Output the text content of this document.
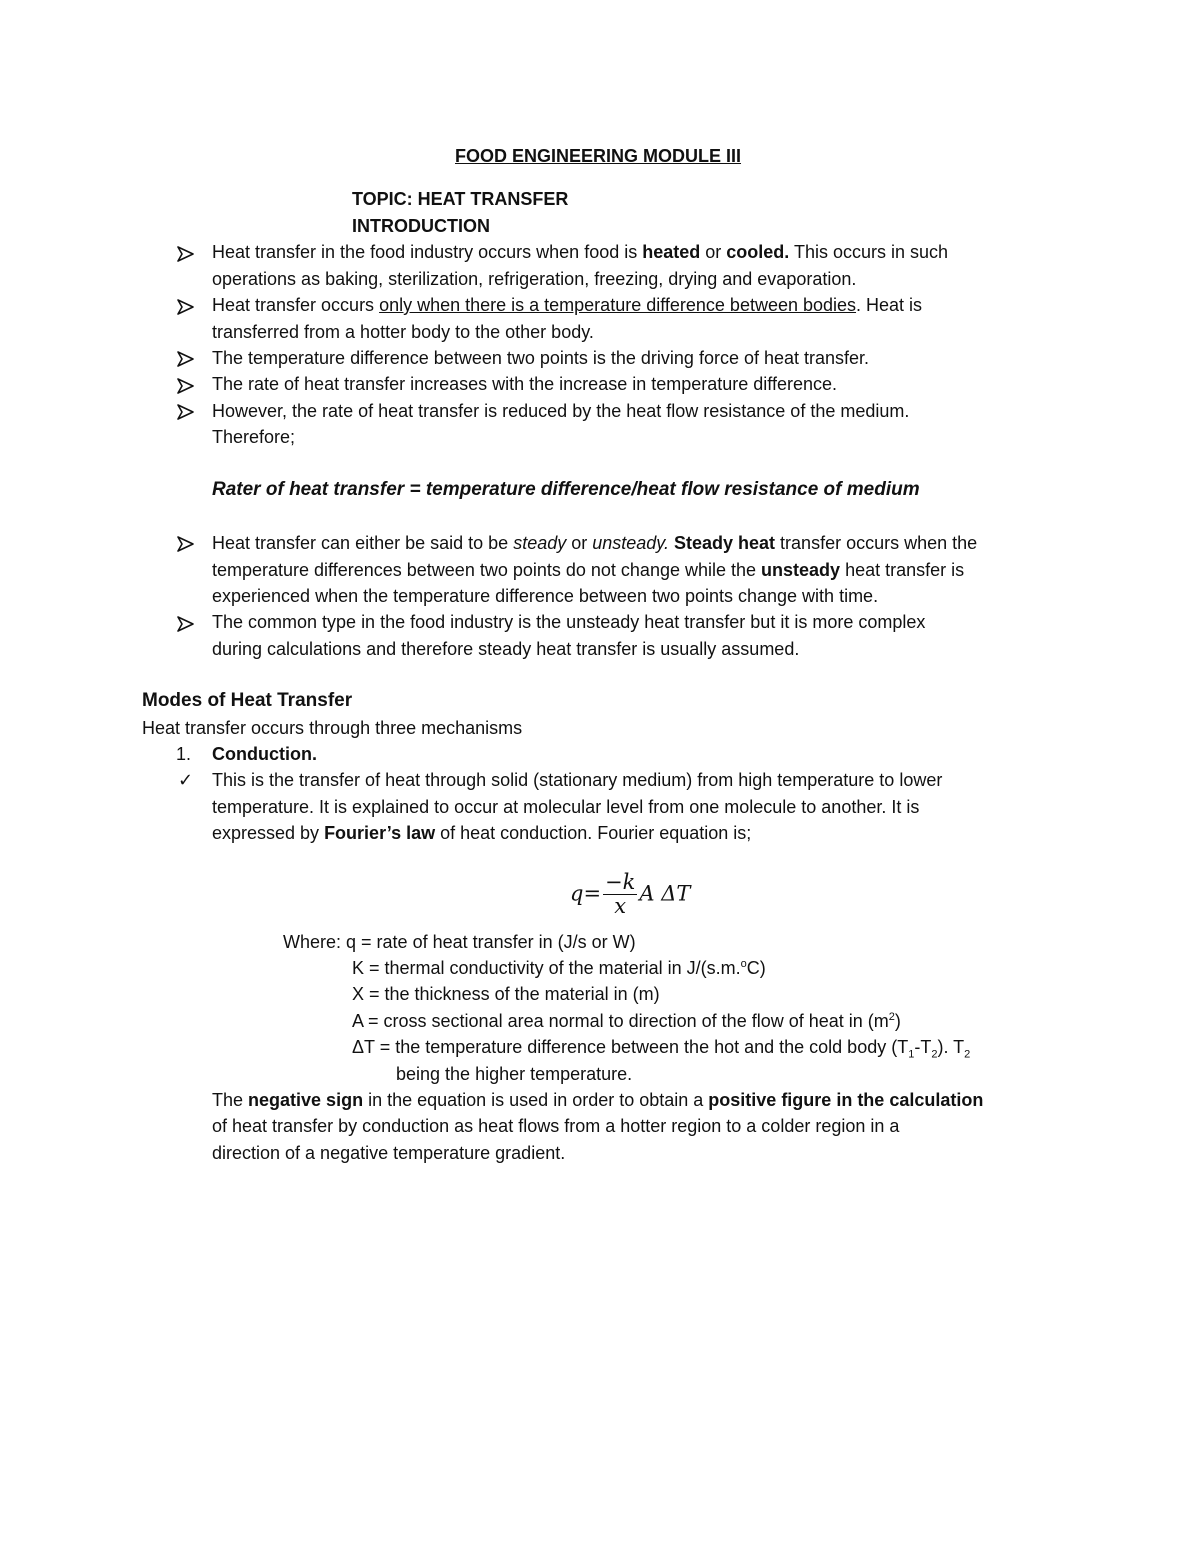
FOOD ENGINEERING MODULE III
TOPIC: HEAT TRANSFER
INTRODUCTION
Heat transfer in the food industry occurs when food is heated or cooled. This occurs in such
operations as baking, sterilization, refrigeration, freezing, drying and evaporation.
Heat transfer occurs only when there is a temperature difference between bodies. Heat is
transferred from a hotter body to the other body.
The temperature difference between two points is the driving force of heat transfer.
The rate of heat transfer increases with the increase in temperature difference.
However, the rate of heat transfer is reduced by the heat flow resistance of the medium.
Therefore;
Rater of heat transfer = temperature difference/heat flow resistance of medium
Heat transfer can either be said to be steady or unsteady. Steady heat transfer occurs when the
temperature differences between two points do not change while the unsteady heat transfer is
experienced when the temperature difference between two points change with time.
The common type in the food industry is the unsteady heat transfer but it is more complex
during calculations and therefore steady heat transfer is usually assumed.
Modes of Heat Transfer
Heat transfer occurs through three mechanisms
1. Conduction.
✓ This is the transfer of heat through solid (stationary medium) from high temperature to lower
temperature. It is explained to occur at molecular level from one molecule to another. It is
expressed by Fourier’s law of heat conduction. Fourier equation is;
$q= \frac{-k}{x}$ A ΔT
Where: q = rate of heat transfer in (J/s or W)
K = thermal conductivity of the material in J/(s.m.$^o$C)
X = the thickness of the material in (m)
A = cross sectional area normal to direction of the flow of heat in $(m^2)$
ΔT = the temperature difference between the hot and the cold body $(T_1-T_2)$. $T_2$
being the higher temperature.
The negative sign in the equation is used in order to obtain a positive figure in the calculation
of heat transfer by conduction as heat flows from a hotter region to a colder region in a
direction of a negative temperature gradient.
